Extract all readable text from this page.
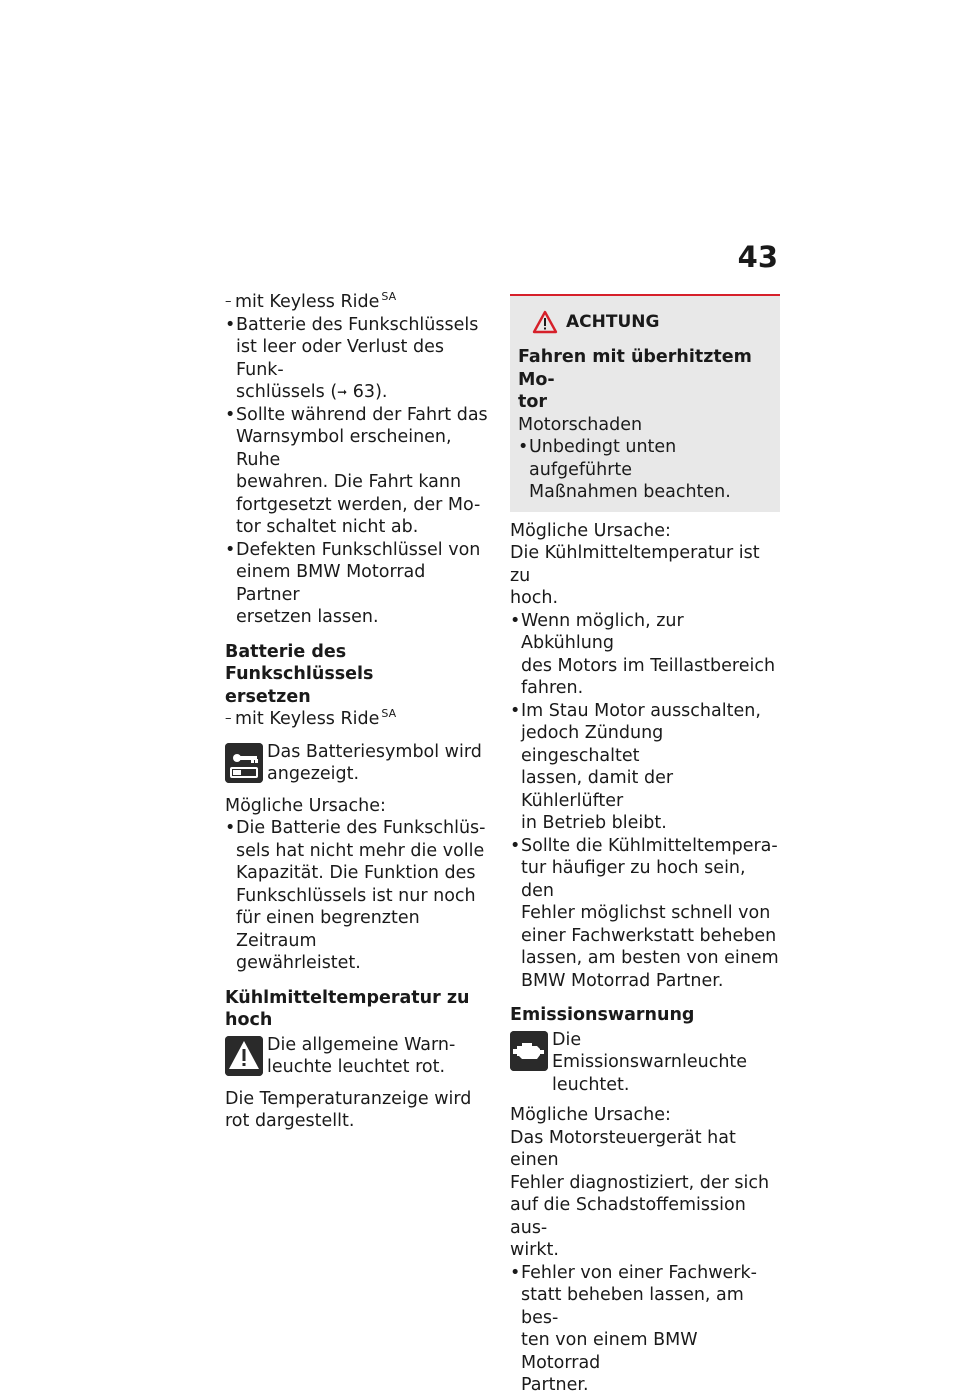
43

– mit Keyless Ride $^{SA}$

• Batterie des Funkschlüssels
ist leer oder Verlust des Funk-
schlüssels (➞ 63).

• Sollte während der Fahrt das
Warnsymbol erscheinen, Ruhe
bewahren. Die Fahrt kann
fortgesetzt werden, der Mo-
tor schaltet nicht ab.

• Defekten Funkschlüssel von
einem BMW Motorrad Partner
ersetzen lassen.

Batterie des Funkschlüssels
ersetzen

– mit Keyless Ride $^{SA}$

Das Batteriesymbol wird
angezeigt.

Mögliche Ursache:

• Die Batterie des Funkschlüs-
sels hat nicht mehr die volle
Kapazität. Die Funktion des
Funkschlüssels ist nur noch
für einen begrenzten Zeitraum
gewährleistet.

Kühlmitteltemperatur zu hoch

Die allgemeine Warn-
leuchte leuchtet rot.

Die Temperaturanzeige wird
rot dargestellt.

ACHTUNG

Fahren mit überhitztem Mo-
tor

Motorschaden

• Unbedingt unten aufgeführte
Maßnahmen beachten.

Mögliche Ursache:

Die Kühlmitteltemperatur ist zu
hoch.

• Wenn möglich, zur Abkühlung
des Motors im Teillastbereich
fahren.

• Im Stau Motor ausschalten,
jedoch Zündung eingeschaltet
lassen, damit der Kühlerlüfter
in Betrieb bleibt.

• Sollte die Kühlmitteltempera-
tur häufiger zu hoch sein, den
Fehler möglichst schnell von
einer Fachwerkstatt beheben
lassen, am besten von einem
BMW Motorrad Partner.

Emissionswarnung

Die Emissionswarnleuchte
leuchtet.

Mögliche Ursache:

Das Motorsteuergerät hat einen
Fehler diagnostiziert, der sich
auf die Schadstoffemission aus-
wirkt.

• Fehler von einer Fachwerk-
statt beheben lassen, am bes-
ten von einem BMW Motorrad
Partner.
